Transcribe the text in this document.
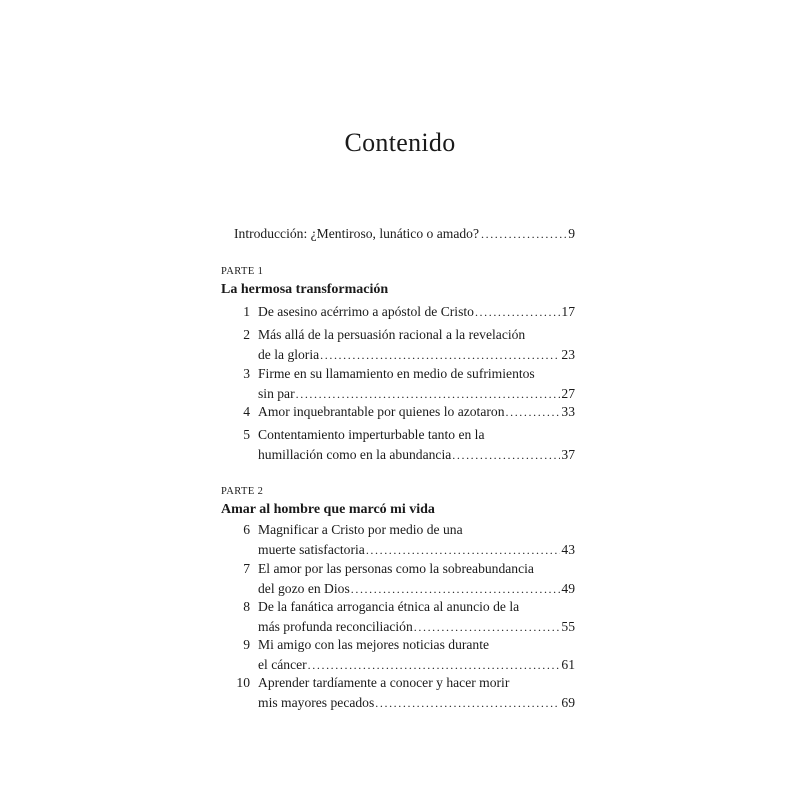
Contenido
Introducción: ¿Mentiroso, lunático o amado? .....	9
PARTE 1
La hermosa transformación
1 De asesino acérrimo a apóstol de Cristo .....	17
2 Más allá de la persuasión racional a la revelación
de la gloria .....	23
3 Firme en su llamamiento en medio de sufrimientos
sin par .....	27
4 Amor inquebrantable por quienes lo azotaron .....	33
5 Contentamiento imperturbable tanto en la
humillación como en la abundancia .....	37
PARTE 2
Amar al hombre que marcó mi vida
6 Magnificar a Cristo por medio de una
muerte satisfactoria .....	43
7 El amor por las personas como la sobreabundancia
del gozo en Dios .....	49
8 De la fanática arrogancia étnica al anuncio de la
más profunda reconciliación .....	55
9 Mi amigo con las mejores noticias durante
el cáncer .....	61
10 Aprender tardíamente a conocer y hacer morir
mis mayores pecados .....	69
